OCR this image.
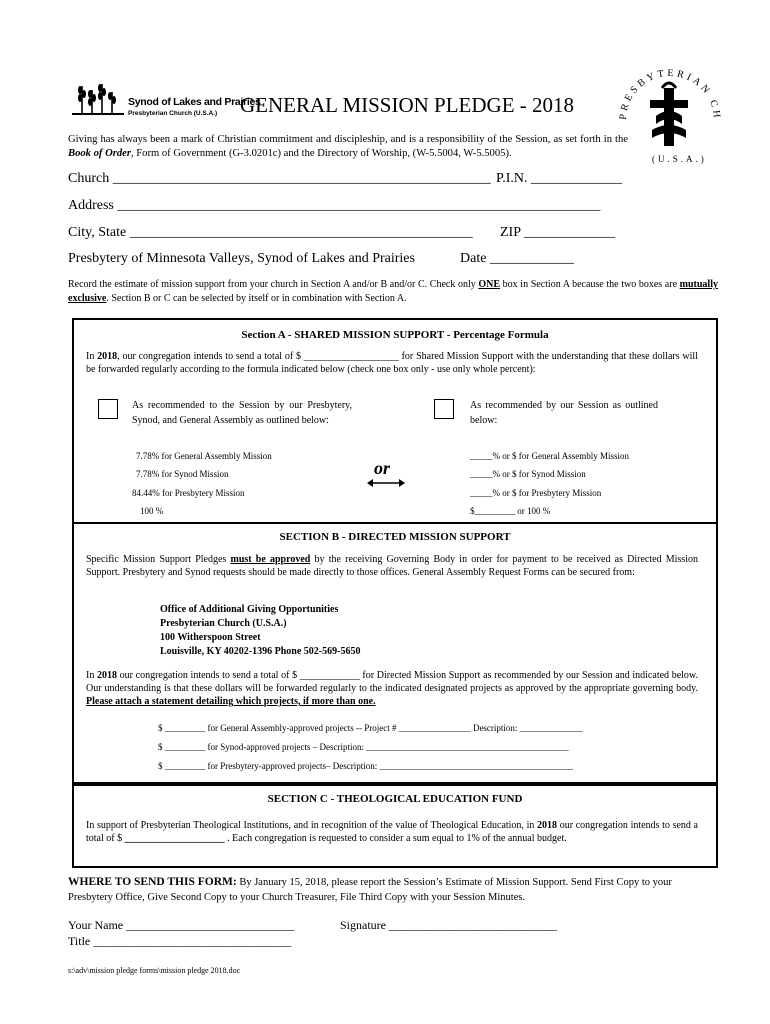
Synod of Lakes and Prairies
Presbyterian Church (U.S.A.) GENERAL MISSION PLEDGE - 2018	PRESBYTERIAN CH
(U.S.A.)
Giving has always been a mark of Christian commitment and discipleship, and is a responsibility of the Session, as set forth in the Book of Order, Form of Government (G-3.0201c) and the Directory of Worship, (W-5.5004, W-5.5005).
Church ______________________________________________________ P.I.N. _____________
Address _____________________________________________________________________
City, State _________________________________________________ ZIP _____________
Presbytery of Minnesota Valleys, Synod of Lakes and Prairies	Date ____________
Record the estimate of mission support from your church in Section A and/or B and/or C. Check only ONE box in Section A because the two boxes are mutually exclusive. Section B or C can be selected by itself or in combination with Section A.
Section A - SHARED MISSION SUPPORT - Percentage Formula
In 2018, our congregation intends to send a total of $ ___________________ for Shared Mission Support with the understanding that these dollars will be forwarded regularly according to the formula indicated below (check one box only - use only whole percent):
As recommended to the Session by our Presbytery, Synod, and General Assembly as outlined below:
As recommended by our Session as outlined below:
7.78% for General Assembly Mission
7.78% for Synod Mission
84.44% for Presbytery Mission
100 %
or
_____% or $ for General Assembly Mission
_____% or $ for Synod Mission
_____% or $ for Presbytery Mission
$_________ or 100 %
SECTION B - DIRECTED MISSION SUPPORT
Specific Mission Support Pledges must be approved by the receiving Governing Body in order for payment to be received as Directed Mission Support. Presbytery and Synod requests should be made directly to those offices. General Assembly Request Forms can be secured from:
Office of Additional Giving Opportunities
Presbyterian Church (U.S.A.)
100 Witherspoon Street
Louisville, KY 40202-1396 Phone 502-569-5650
In 2018 our congregation intends to send a total of $ ____________ for Directed Mission Support as recommended by our Session and indicated below. Our understanding is that these dollars will be forwarded regularly to the indicated designated projects as approved by the appropriate governing body. Please attach a statement detailing which projects, if more than one.
$ _________ for General Assembly-approved projects -- Project # ________________ Description: ______________
$ _________ for Synod-approved projects – Description: _____________________________________________
$ _________ for Presbytery-approved projects– Description: ___________________________________________
SECTION C - THEOLOGICAL EDUCATION FUND
In support of Presbyterian Theological Institutions, and in recognition of the value of Theological Education, in 2018 our congregation intends to send a total of $ ____________________ . Each congregation is requested to consider a sum equal to 1% of the annual budget.
WHERE TO SEND THIS FORM: By January 15, 2018, please report the Session’s Estimate of Mission Support. Send First Copy to your Presbytery Office, Give Second Copy to your Church Treasurer, File Third Copy with your Session Minutes.
Your Name ____________________________	Signature ____________________________
Title _________________________________
s:\adv\mission pledge forms\mission pledge 2018.doc
